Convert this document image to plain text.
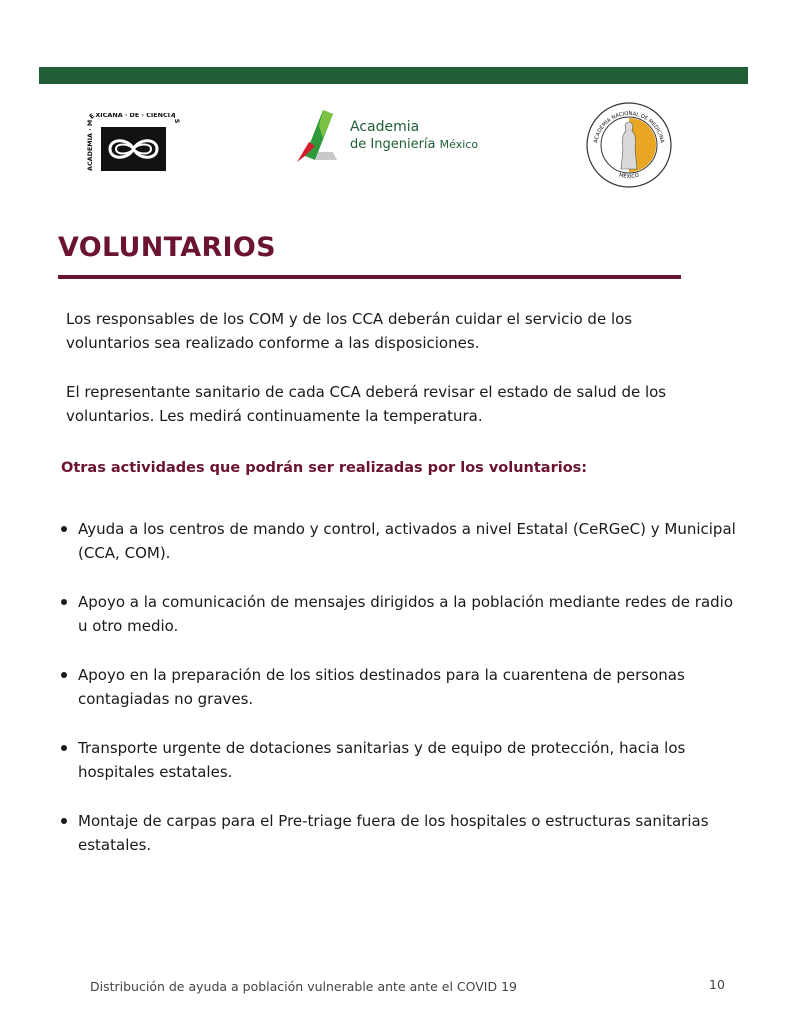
ACADEMIA · MEXICANA · DE · CIENCIAS	Academia
de Ingeniería México	ACADEMIA NACIONAL DE MEDICINA
MÉXICO
VOLUNTARIOS

Los responsables de los COM y de los CCA deberán cuidar el servicio de los voluntarios sea realizado conforme a las disposiciones.

El representante sanitario de cada CCA deberá revisar el estado de salud de los voluntarios. Les medirá continuamente la temperatura.

Otras actividades que podrán ser realizadas por los voluntarios:
Ayuda a los centros de mando y control, activados a nivel Estatal (CeRGeC) y Municipal (CCA, COM).
Apoyo a la comunicación de mensajes dirigidos a la población mediante redes de radio u otro medio.
Apoyo en la preparación de los sitios destinados para la cuarentena de personas contagiadas no graves.
Transporte urgente de dotaciones sanitarias y de equipo de protección, hacia los hospitales estatales.
Montaje de carpas para el Pre-triage fuera de los hospitales o estructuras sanitarias estatales.
Distribución de ayuda a población vulnerable ante ante el COVID 19	10
